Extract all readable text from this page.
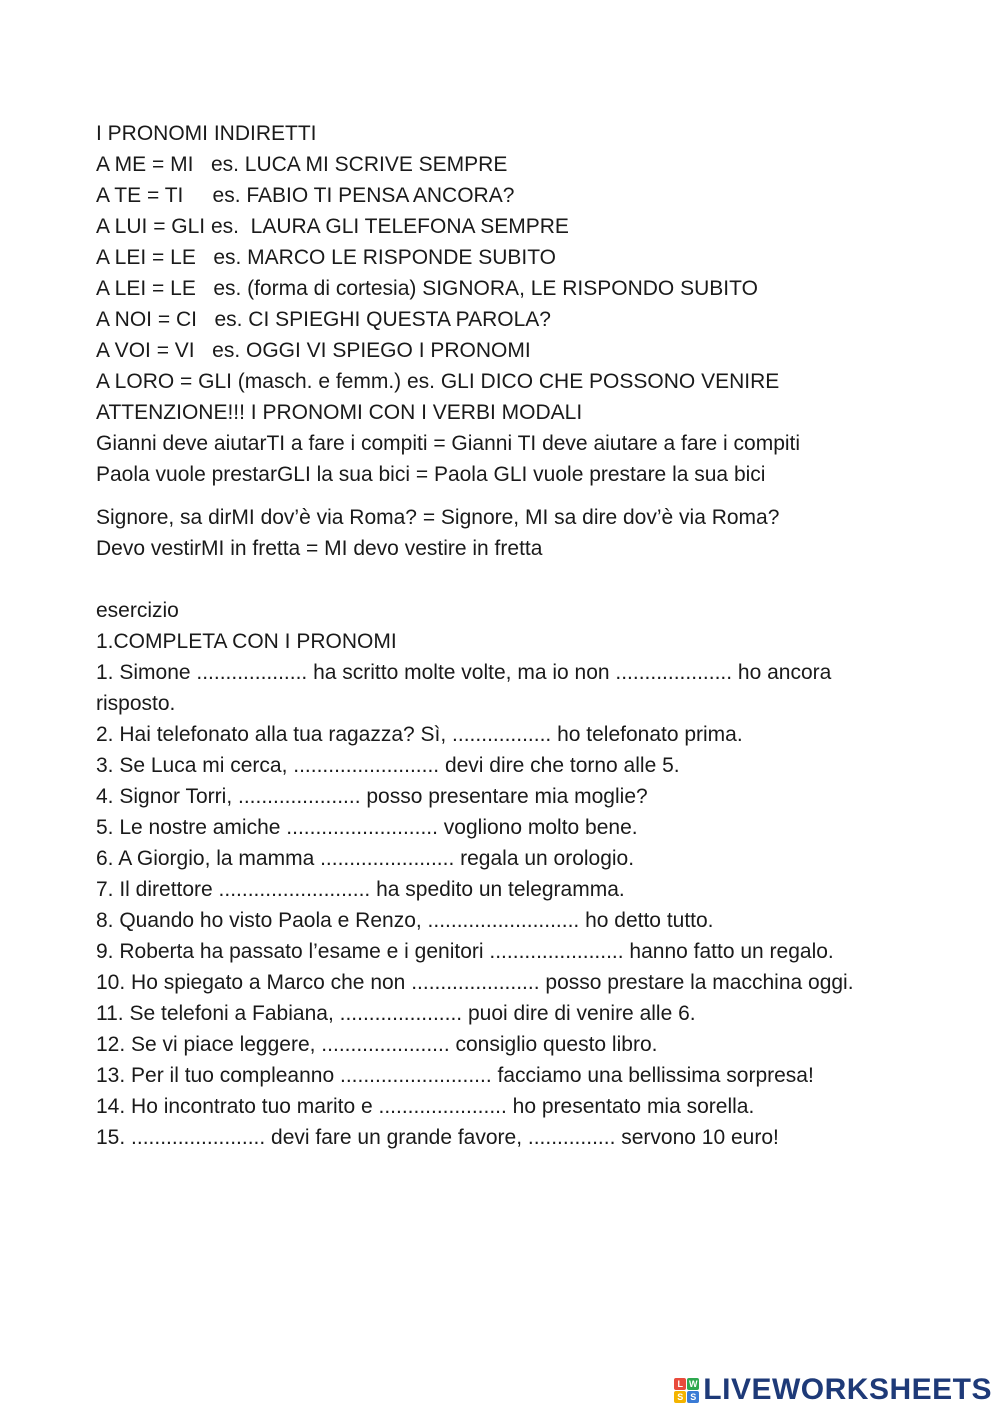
I PRONOMI INDIRETTI
A ME = MI   es. LUCA MI SCRIVE SEMPRE
A TE = TI     es. FABIO TI PENSA ANCORA?
A LUI = GLI es.  LAURA GLI TELEFONA SEMPRE
A LEI = LE   es. MARCO LE RISPONDE SUBITO
A LEI = LE   es. (forma di cortesia) SIGNORA, LE RISPONDO SUBITO
A NOI = CI   es. CI SPIEGHI QUESTA PAROLA?
A VOI = VI   es. OGGI VI SPIEGO I PRONOMI
A LORO = GLI (masch. e femm.) es. GLI DICO CHE POSSONO VENIRE
ATTENZIONE!!! I PRONOMI CON I VERBI MODALI
Gianni deve aiutarTI a fare i compiti = Gianni TI deve aiutare a fare i compiti
Paola vuole prestarGLI la sua bici = Paola GLI vuole prestare la sua bici
Signore, sa dirMI dov’è via Roma? = Signore, MI sa dire dov’è via Roma?
Devo vestirMI in fretta = MI devo vestire in fretta
esercizio
1.COMPLETA CON I PRONOMI
1. Simone ................... ha scritto molte volte, ma io non .................... ho ancora risposto.
2. Hai telefonato alla tua ragazza? Sì, ................. ho telefonato prima.
3. Se Luca mi cerca, ......................... devi dire che torno alle 5.
4. Signor Torri, ..................... posso presentare mia moglie?
5. Le nostre amiche .......................... vogliono molto bene.
6. A Giorgio, la mamma ....................... regala un orologio.
7. Il direttore .......................... ha spedito un telegramma.
8. Quando ho visto Paola e Renzo, .......................... ho detto tutto.
9. Roberta ha passato l’esame e i genitori ....................... hanno fatto un regalo.
10. Ho spiegato a Marco che non ...................... posso prestare la macchina oggi.
11. Se telefoni a Fabiana, ..................... puoi dire di venire alle 6.
12. Se vi piace leggere, ...................... consiglio questo libro.
13. Per il tuo compleanno .......................... facciamo una bellissima sorpresa!
14. Ho incontrato tuo marito e ...................... ho presentato mia sorella.
15. ....................... devi fare un grande favore, ............... servono 10 euro!
L W
S S LIVEWORKSHEETS
